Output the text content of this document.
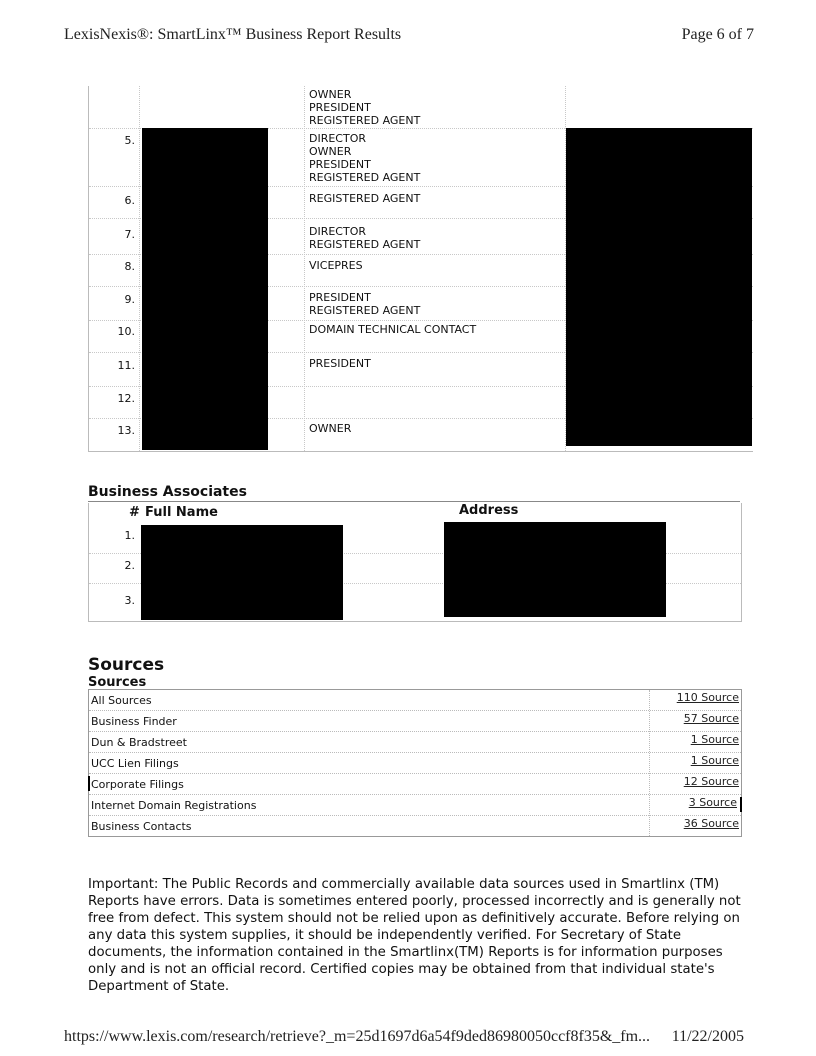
LexisNexis®: SmartLinx™ Business Report Results	Page 6 of 7
OWNER
PRESIDENT
REGISTERED AGENT
5.	DIRECTOR
OWNER
PRESIDENT
REGISTERED AGENT
6.	REGISTERED AGENT
7.	DIRECTOR
REGISTERED AGENT
8.	VICEPRES
9.	PRESIDENT
REGISTERED AGENT
10.	DOMAIN TECHNICAL CONTACT
11.	PRESIDENT
12.
13.	OWNER
Business Associates
# Full Name	Address
1.
2.
3.
Sources
Sources
All Sources	110 Source
Business Finder	57 Source
Dun & Bradstreet	1 Source
UCC Lien Filings	1 Source
Corporate Filings	12 Source
Internet Domain Registrations	3 Source
Business Contacts	36 Source
Important: The Public Records and commercially available data sources used in Smartlinx (TM) Reports have errors. Data is sometimes entered poorly, processed incorrectly and is generally not free from defect. This system should not be relied upon as definitively accurate. Before relying on any data this system supplies, it should be independently verified. For Secretary of State documents, the information contained in the Smartlinx(TM) Reports is for information purposes only and is not an official record. Certified copies may be obtained from that individual state's Department of State.
https://www.lexis.com/research/retrieve?_m=25d1697d6a54f9ded86980050ccf8f35&_fm... 11/22/2005
